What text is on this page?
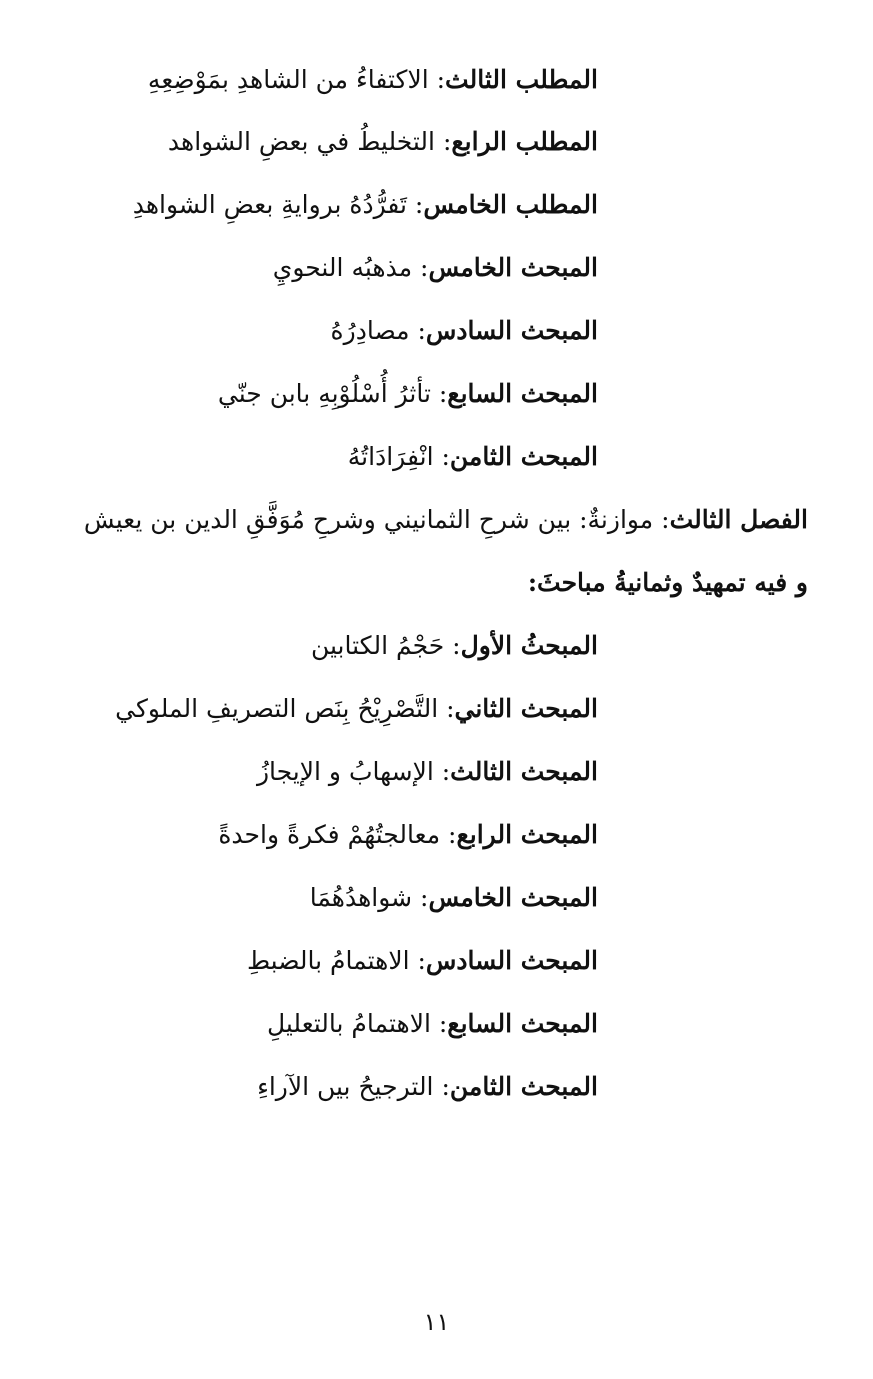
المطلب الثالث: الاكتفاءُ من الشاهدِ بمَوْضِعِهِ
المطلب الرابع: التخليطُ في بعضِ الشواهد
المطلب الخامس: تَفرُّدُهُ بروايةِ بعضِ الشواهدِ
المبحث الخامس: مذهبُه النحويِ
المبحث السادس: مصادِرُهُ
المبحث السابع: تأثرُ أُسْلُوْبِهِ بابن جنّي
المبحث الثامن: انْفِرَادَاتُهُ
الفصل الثالث: موازنةٌ: بين شرحِ الثمانيني وشرحِ مُوَفَّقِ الدين بن يعيش
و فيه تمهيدٌ وثمانيةُ مباحثَ:
المبحثُ الأول: حَجْمُ الكتابين
المبحث الثاني: التَّصْرِيْحُ بِنَص التصريفِ الملوكي
المبحث الثالث: الإسهابُ و الإيجازُ
المبحث الرابع: معالجتُهُمْ فكرةً واحدةً
المبحث الخامس: شواهدُهُمَا
المبحث السادس: الاهتمامُ بالضبطِ
المبحث السابع: الاهتمامُ بالتعليلِ
المبحث الثامن: الترجيحُ بيں الآراءِ
١١
